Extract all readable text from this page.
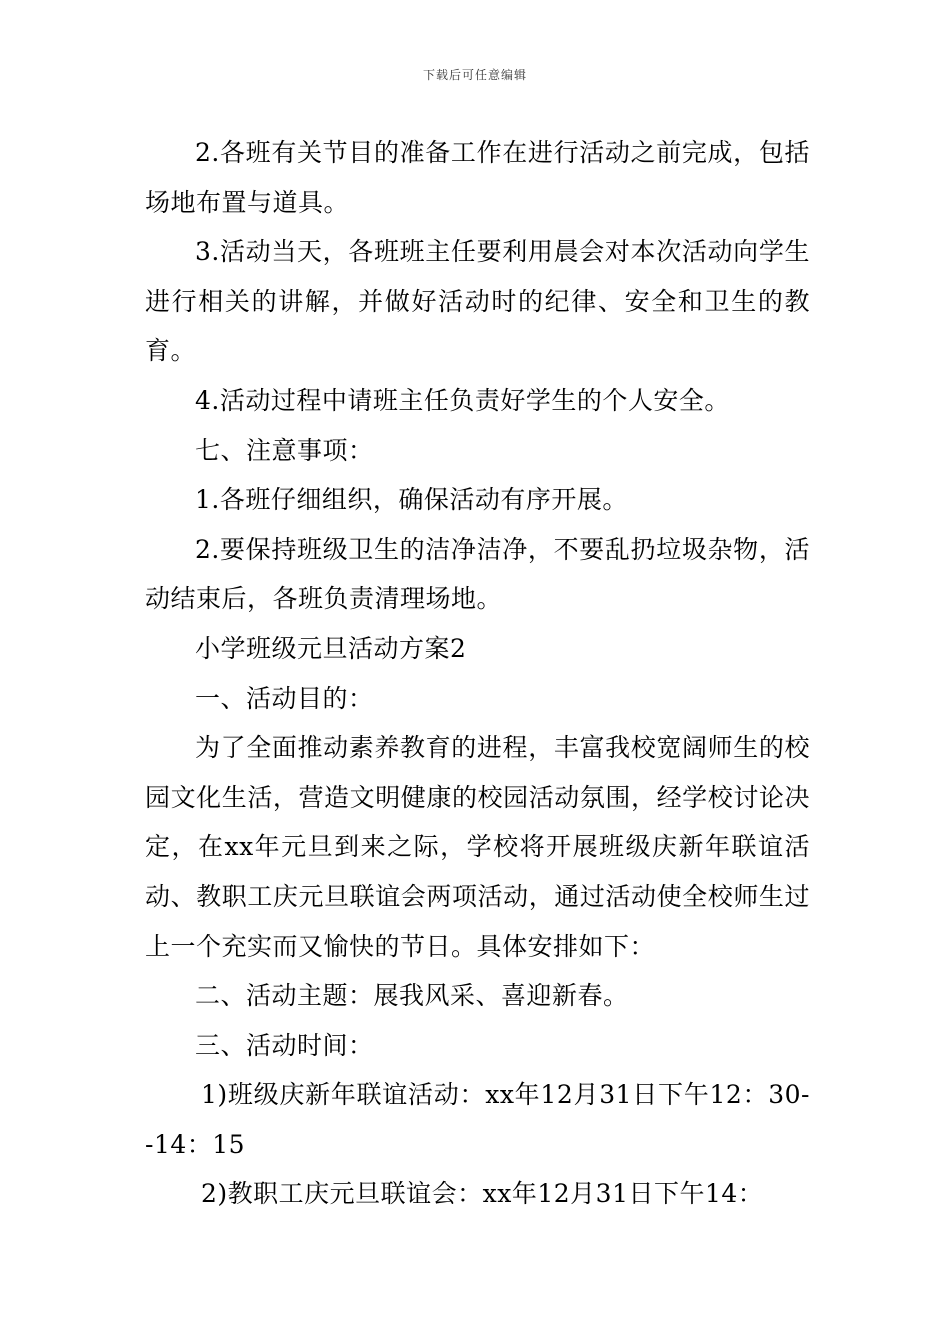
下载后可任意编辑

2.各班有关节目的准备工作在进行活动之前完成，包括场地布置与道具。

3.活动当天，各班班主任要利用晨会对本次活动向学生进行相关的讲解，并做好活动时的纪律、安全和卫生的教育。

4.活动过程中请班主任负责好学生的个人安全。

七、注意事项：

1.各班仔细组织，确保活动有序开展。

2.要保持班级卫生的洁净洁净，不要乱扔垃圾杂物，活动结束后，各班负责清理场地。

小学班级元旦活动方案2

一、活动目的：

为了全面推动素养教育的进程，丰富我校宽阔师生的校园文化生活，营造文明健康的校园活动氛围，经学校讨论决定，在xx年元旦到来之际，学校将开展班级庆新年联谊活动、教职工庆元旦联谊会两项活动，通过活动使全校师生过上一个充实而又愉快的节日。具体安排如下：

二、活动主题：展我风采、喜迎新春。

三、活动时间：

1)班级庆新年联谊活动：xx年12月31日下午12：30--14：15

2)教职工庆元旦联谊会：xx年12月31日下午14：
